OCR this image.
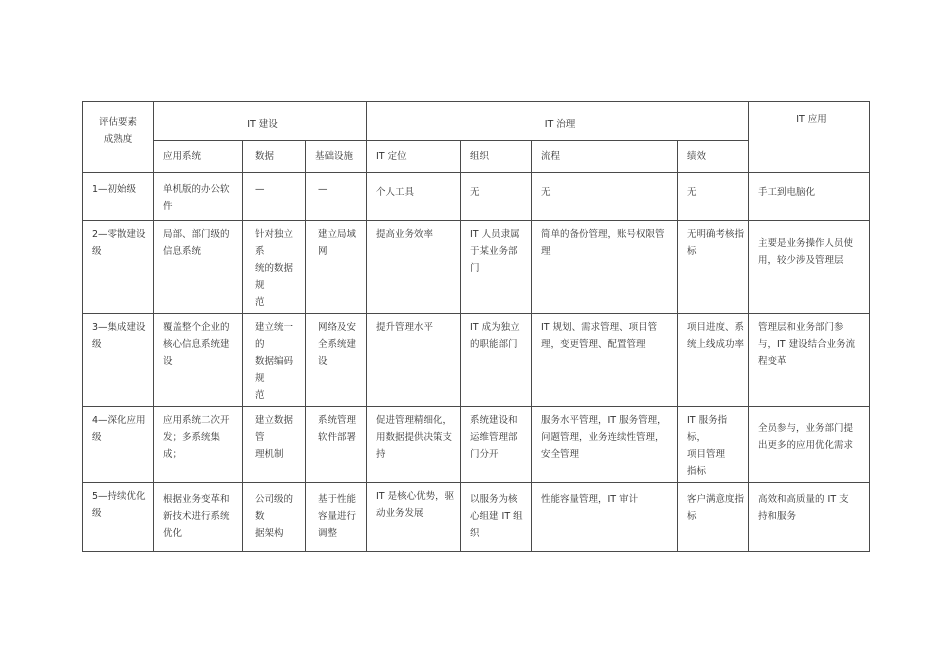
评估要素
成熟度	IT 建设			IT 治理				IT 应用

	应用系统	数据	基础设施	IT 定位	组织	流程	绩效	

1—初始级	单机版的办公软
件	—	—	个人工具	无	无	无	手工到电脑化

2—零散建设
级	局部、部门级的
信息系统	针对独立系
统的数据规
范	建立局域
网	提高业务效率	IT 人员隶属
于某业务部
门	简单的备份管理，账号权限管
理	无明确考核指
标	主要是业务操作人员使
用，较少涉及管理层

3—集成建设
级	覆盖整个企业的
核心信息系统建
设	建立统一的
数据编码规
范	网络及安
全系统建
设	提升管理水平	IT 成为独立
的职能部门	IT 规划、需求管理、项目管
理，变更管理、配置管理	项目进度、系
统上线成功率	管理层和业务部门参
与，IT 建设结合业务流
程变革

4—深化应用
级	应用系统二次开
发；多系统集
成；	建立数据管
理机制	系统管理
软件部署	促进管理精细化，
用数据提供决策支
持	系统建设和
运维管理部
门分开	服务水平管理，IT 服务管理，
问题管理，业务连续性管理，
安全管理	IT 服务指标，
项目管理
指标	全员参与，业务部门提
出更多的应用优化需求

5—持续优化
级	根据业务变革和
新技术进行系统
优化	公司级的数
据架构	基于性能
容量进行
调整	IT 是核心优势，驱
动业务发展	以服务为核
心组建 IT 组
织	性能容量管理，IT 审计	客户满意度指
标	高效和高质量的 IT 支
持和服务
